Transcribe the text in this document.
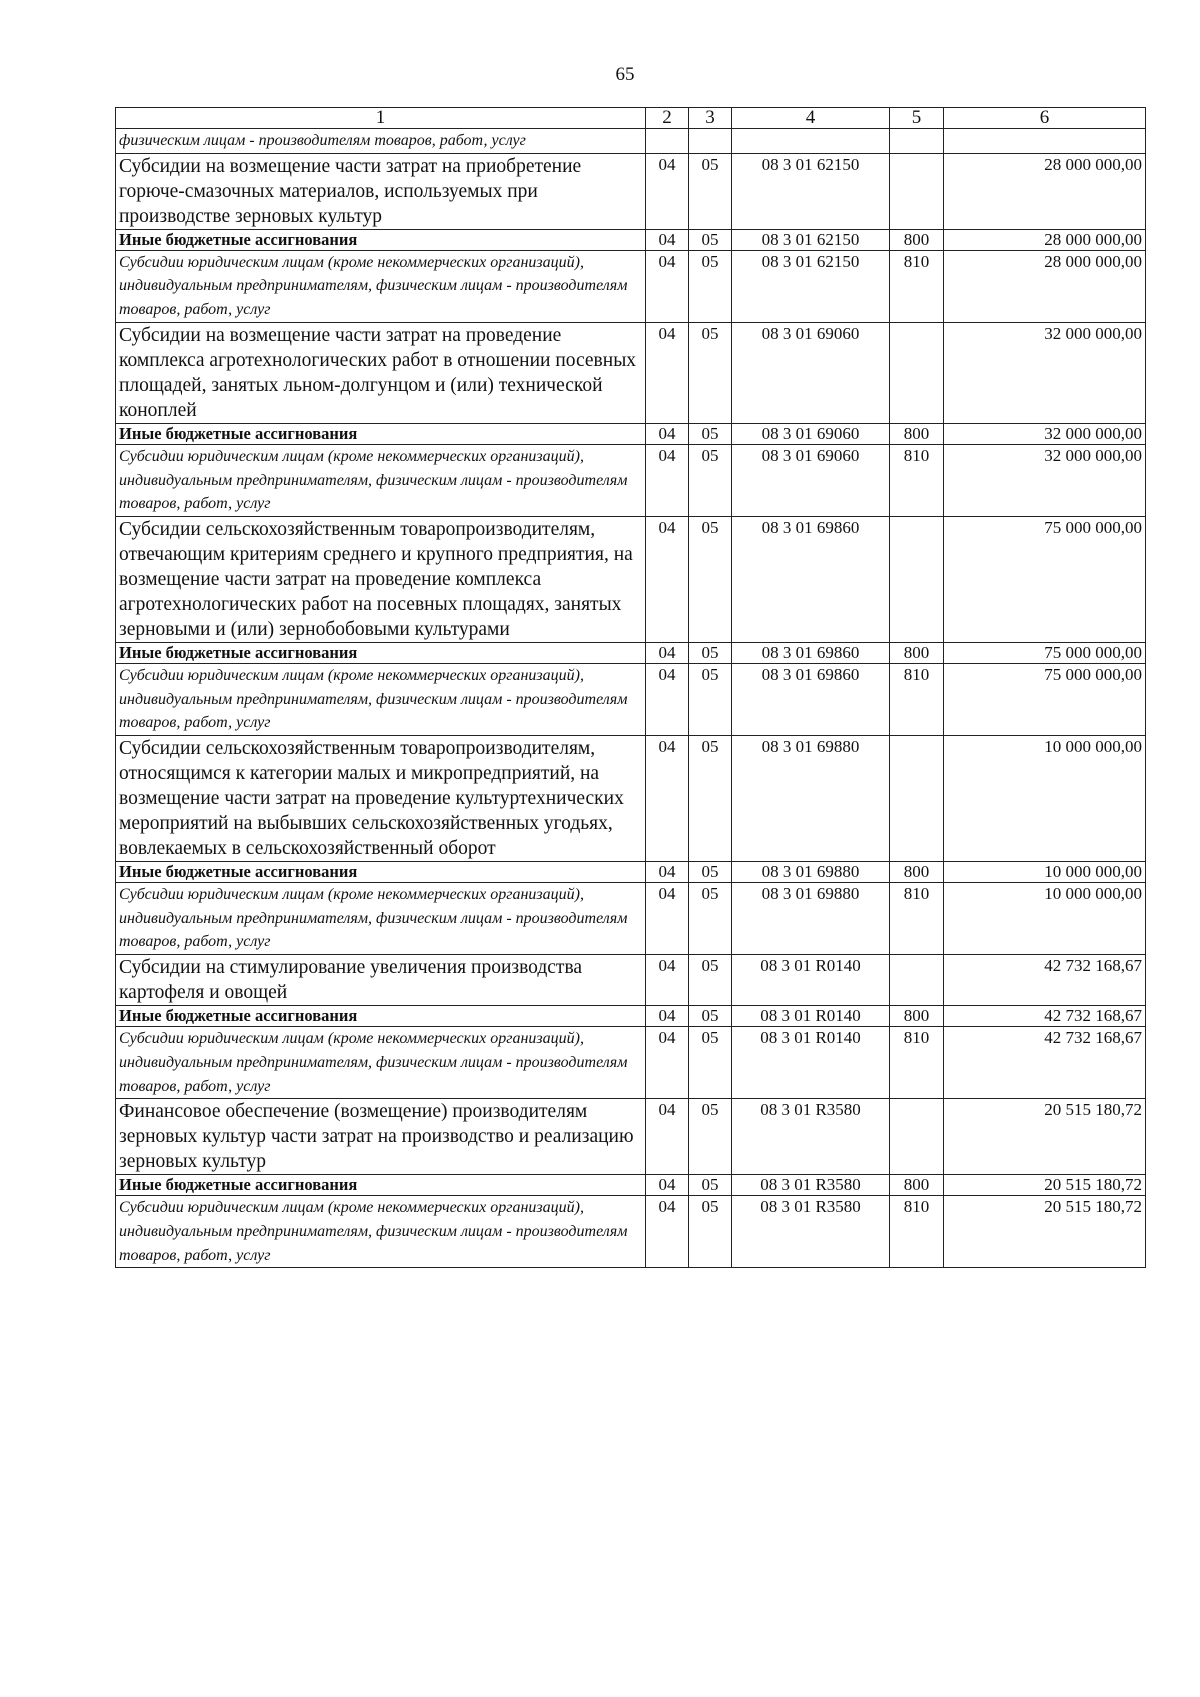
65
1	2	3	4	5	6
физическим лицам - производителям товаров, работ, услуг					
Субсидии на возмещение части затрат на приобретение горюче-смазочных материалов, используемых при производстве зерновых культур	04	05	08 3 01 62150		28 000 000,00
Иные бюджетные ассигнования	04	05	08 3 01 62150	800	28 000 000,00
Субсидии юридическим лицам (кроме некоммерческих организаций), индивидуальным предпринимателям, физическим лицам - производителям товаров, работ, услуг	04	05	08 3 01 62150	810	28 000 000,00
Субсидии на возмещение части затрат на проведение комплекса агротехнологических работ в отношении посевных площадей, занятых льном-долгунцом и (или) технической коноплей	04	05	08 3 01 69060		32 000 000,00
Иные бюджетные ассигнования	04	05	08 3 01 69060	800	32 000 000,00
Субсидии юридическим лицам (кроме некоммерческих организаций), индивидуальным предпринимателям, физическим лицам - производителям товаров, работ, услуг	04	05	08 3 01 69060	810	32 000 000,00
Субсидии сельскохозяйственным товаропроизводителям, отвечающим критериям среднего и крупного предприятия, на возмещение части затрат на проведение комплекса агротехнологических работ на посевных площадях, занятых зерновыми и (или) зернобобовыми культурами	04	05	08 3 01 69860		75 000 000,00
Иные бюджетные ассигнования	04	05	08 3 01 69860	800	75 000 000,00
Субсидии юридическим лицам (кроме некоммерческих организаций), индивидуальным предпринимателям, физическим лицам - производителям товаров, работ, услуг	04	05	08 3 01 69860	810	75 000 000,00
Субсидии сельскохозяйственным товаропроизводителям, относящимся к категории малых и микропредприятий, на возмещение части затрат на проведение культуртехнических мероприятий на выбывших сельскохозяйственных угодьях, вовлекаемых в сельскохозяйственный оборот	04	05	08 3 01 69880		10 000 000,00
Иные бюджетные ассигнования	04	05	08 3 01 69880	800	10 000 000,00
Субсидии юридическим лицам (кроме некоммерческих организаций), индивидуальным предпринимателям, физическим лицам - производителям товаров, работ, услуг	04	05	08 3 01 69880	810	10 000 000,00
Субсидии на стимулирование увеличения производства картофеля и овощей	04	05	08 3 01 R0140		42 732 168,67
Иные бюджетные ассигнования	04	05	08 3 01 R0140	800	42 732 168,67
Субсидии юридическим лицам (кроме некоммерческих организаций), индивидуальным предпринимателям, физическим лицам - производителям товаров, работ, услуг	04	05	08 3 01 R0140	810	42 732 168,67
Финансовое обеспечение (возмещение) производителям зерновых культур части затрат на производство и реализацию зерновых культур	04	05	08 3 01 R3580		20 515 180,72
Иные бюджетные ассигнования	04	05	08 3 01 R3580	800	20 515 180,72
Субсидии юридическим лицам (кроме некоммерческих организаций), индивидуальным предпринимателям, физическим лицам - производителям товаров, работ, услуг	04	05	08 3 01 R3580	810	20 515 180,72
